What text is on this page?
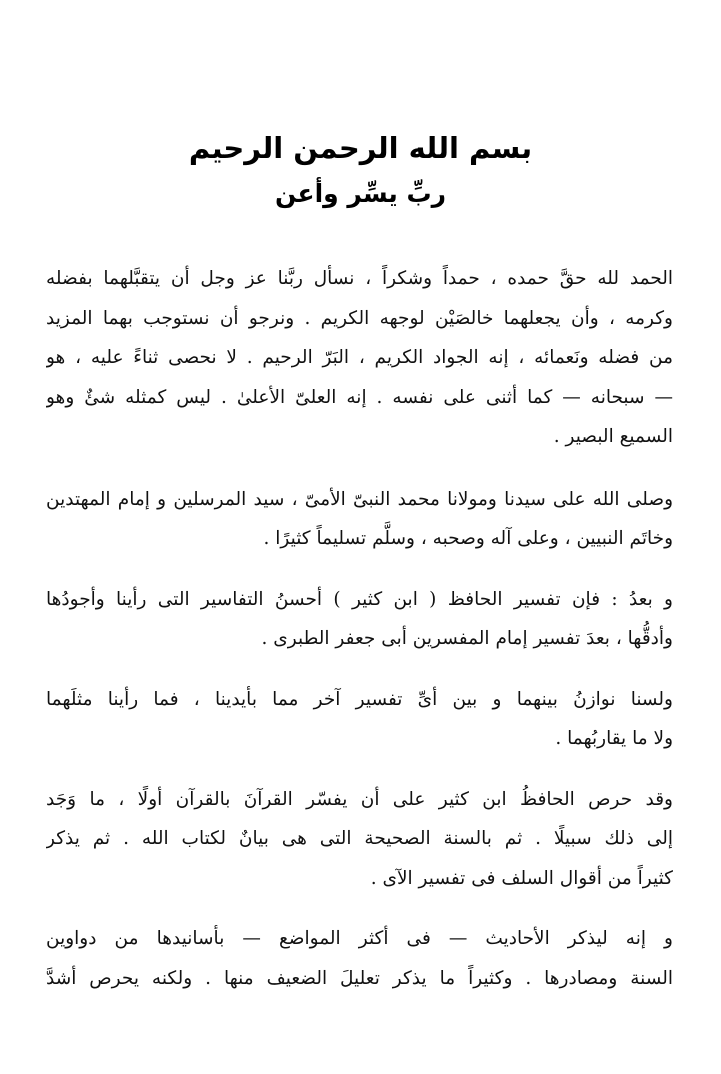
بسم الله الرحمن الرحيم
ربِّ يسِّر وأعن

الحمد لله حقَّ حمده ، حمداً وشكراً ، نسأل ربَّنا عز وجل أن يتقبَّلهما بفضله
وكرمه ، وأن يجعلهما خالصَيْن لوجهه الكريم . ونرجو أن نستوجب بهما المزيد
من فضله ونَعمائه ، إنه الجواد الكريم ، البَرّ الرحيم . لا نحصى ثناءً عليه ، هو
— سبحانه — كما أثنى على نفسه . إنه العلىّ الأعلىٰ . ليس كمثله شئٌ وهو
السميع البصير .

وصلى الله على سيدنا ومولانا محمد النبىّ الأمىّ ، سيد المرسلين و إمام المهتدين
وخاتَم النبيين ، وعلى آله وصحبه ، وسلَّم تسليماً كثيرًا .

و بعدُ : فإن تفسير الحافظ ( ابن كثير ) أحسنُ التفاسير التى رأينا وأجودُها
وأدقُّها ، بعدَ تفسير إمام المفسرين أبى جعفر الطبرى .

ولسنا نوازنُ بينهما و بين أىِّ تفسير آخر مما بأيدينا ، فما رأينا مثلَهما
ولا ما يقاربُهما .

وقد حرص الحافظُ ابن كثير على أن يفسّر القرآنَ بالقرآن أولًا ، ما وَجَد
إلى ذلك سبيلًا . ثم بالسنة الصحيحة التى هى بيانٌ لكتاب الله . ثم يذكر
كثيراً من أقوال السلف فى تفسير الآى .

و إنه ليذكر الأحاديث — فى أكثر المواضع — بأسانيدها من دواوين
السنة ومصادرها . وكثيراً ما يذكر تعليلَ الضعيف منها . ولكنه يحرص أشدَّ
